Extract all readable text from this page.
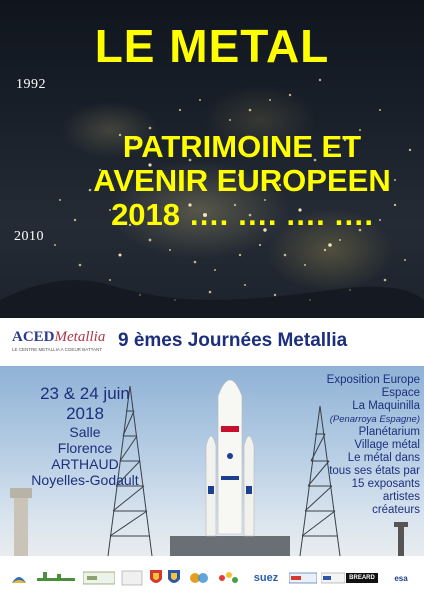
1992
2010
LE METAL
PATRIMOINE ET
AVENIR EUROPEEN
2018 …. …. …. ….
ACEDMetallia
LE CENTRE METALLIA A COEUR BATTANT 9 èmes Journées Metallia
23 & 24 juin
2018
Salle
Florence
ARTHAUD
Noyelles-Godault
Exposition Europe
Espace
La Maquinilla
(Penarroya Espagne)
Planétarium
Village métal
Le métal dans
tous ses états par
15 exposants
artistes
créateurs
suez	BREARD	esa
